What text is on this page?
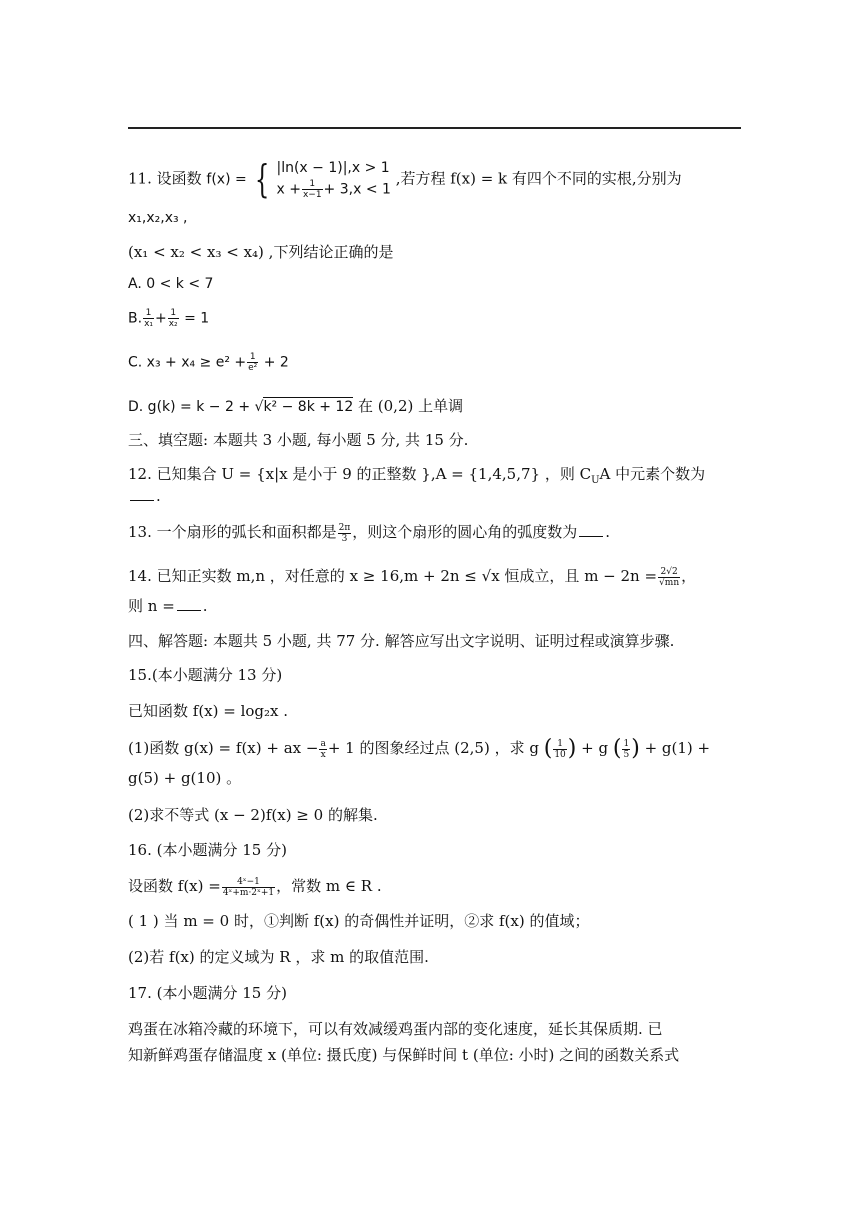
11. 设函数 f(x) = { |ln(x − 1)|,x > 1
$x + \frac{1}{x-1} + 3,x < 1$
,若方程 f(x) = k 有四个不同的实根,分别为
x₁,x₂,x₃ ,
(x₁ < x₂ < x₃ < x₄) ,下列结论正确的是
A. 0 < k < 7
B. $\frac{1}{\text{x₁}} + \frac{1}{\text{x₂}} = 1$
C. $x_3 + x_4 \ge e^2 + \frac{1}{\text{e²}} + 2$
D. g(k) = k − 2 + √k² − 8k + 12 在 (0,2) 上单调
三、填空题: 本题共 3 小题, 每小题 5 分, 共 15 分.
12. 已知集合 U = {x|x 是小于 9 的正整数 },A = {1,4,5,7} ，则 $C_UA$ 中元素个数为
.
13. 一个扇形的弧长和面积都是 $\frac{2\pi}{3}$ ，则这个扇形的圆心角的弧度数为 .
14. 已知正实数 m,n ，对任意的 x ≥ 16,m + 2n ≤ √x 恒成立，且 $m - 2n = \frac{2√2}{√mn}$ ，
则 n = .
四、解答题: 本题共 5 小题, 共 77 分. 解答应写出文字说明、证明过程或演算步骤.
15.(本小题满分 13 分)
已知函数 f(x) = log₂x .
(1)函数 g(x) = f(x) + ax − $\frac{a}{x} + 1$ 的图象经过点 (2,5) ，求 g ( $\frac{1}{10}$ ) + g ( $\frac{1}{5}$ ) + g(1) +
g(5) + g(10) 。
(2)求不等式 (x − 2)f(x) ≥ 0 的解集.
16. (本小题满分 15 分)
设函数 $f(x) = \frac{\text{4ˣ−1}}{\text{4ˣ+m·2ˣ+1}}$ ，常数 m ∈ R .
( 1 ) 当 m = 0 时，①判断 f(x) 的奇偶性并证明，②求 f(x) 的值域；
(2)若 f(x) 的定义域为 R ，求 m 的取值范围.
17. (本小题满分 15 分)
鸡蛋在冰箱冷藏的环境下，可以有效减缓鸡蛋内部的变化速度，延长其保质期. 已
知新鲜鸡蛋存储温度 x (单位: 摄氏度) 与保鲜时间 t (单位: 小时) 之间的函数关系式
